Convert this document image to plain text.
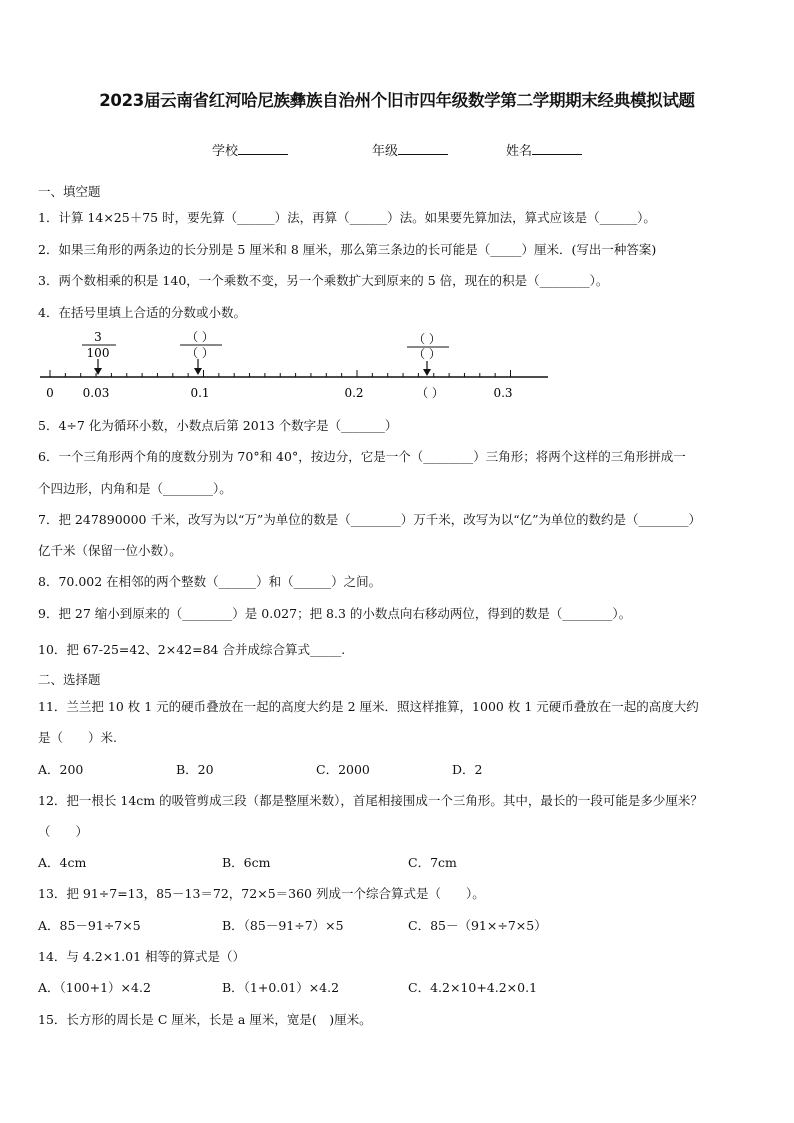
2023届云南省红河哈尼族彝族自治州个旧市四年级数学第二学期期末经典模拟试题
学校	年级	姓名
一、填空题
1．计算 14×25＋75 时，要先算（______）法，再算（______）法。如果要先算加法，算式应该是（______）。
2．如果三角形的两条边的长分别是 5 厘米和 8 厘米，那么第三条边的长可能是（_____）厘米．(写出一种答案)
3．两个数相乘的积是 140，一个乘数不变，另一个乘数扩大到原来的 5 倍，现在的积是（________）。
4．在括号里填上合适的分数或小数。
3
100
（ ）
（ ）
（ ）
（ ）
0 0.03	0.1	0.2	（ ）	0.3
5．4÷7 化为循环小数，小数点后第 2013 个数字是（_______）
6．一个三角形两个角的度数分别为 70°和 40°，按边分，它是一个（________）三角形；将两个这样的三角形拼成一
个四边形，内角和是（________）。
7．把 247890000 千米，改写为以“万”为单位的数是（________）万千米，改写为以“亿”为单位的数约是（________）
亿千米（保留一位小数）。
8．70.002 在相邻的两个整数（______）和（______）之间。
9．把 27 缩小到原来的（________）是 0.027；把 8.3 的小数点向右移动两位，得到的数是（________）。
10．把 67-25=42、2×42=84 合并成综合算式_____.
二、选择题
11．兰兰把 10 枚 1 元的硬币叠放在一起的高度大约是 2 厘米．照这样推算，1000 枚 1 元硬币叠放在一起的高度大约
是（　　）米.
A．200	B．20	C．2000	D．2
12．把一根长 14cm 的吸管剪成三段（都是整厘米数），首尾相接围成一个三角形。其中，最长的一段可能是多少厘米？
（　　）
A．4cm	B．6cm	C．7cm
13．把 91÷7=13，85－13＝72，72×5＝360 列成一个综合算式是（　　）。
A．85－91÷7×5	B．（85－91÷7）×5	C．85－（91×÷7×5）
14．与 4.2×1.01 相等的算式是（）
A．（100+1）×4.2	B．（1+0.01）×4.2	C．4.2×10+4.2×0.1
15．长方形的周长是 C 厘米，长是 a 厘米，宽是(　)厘米。
